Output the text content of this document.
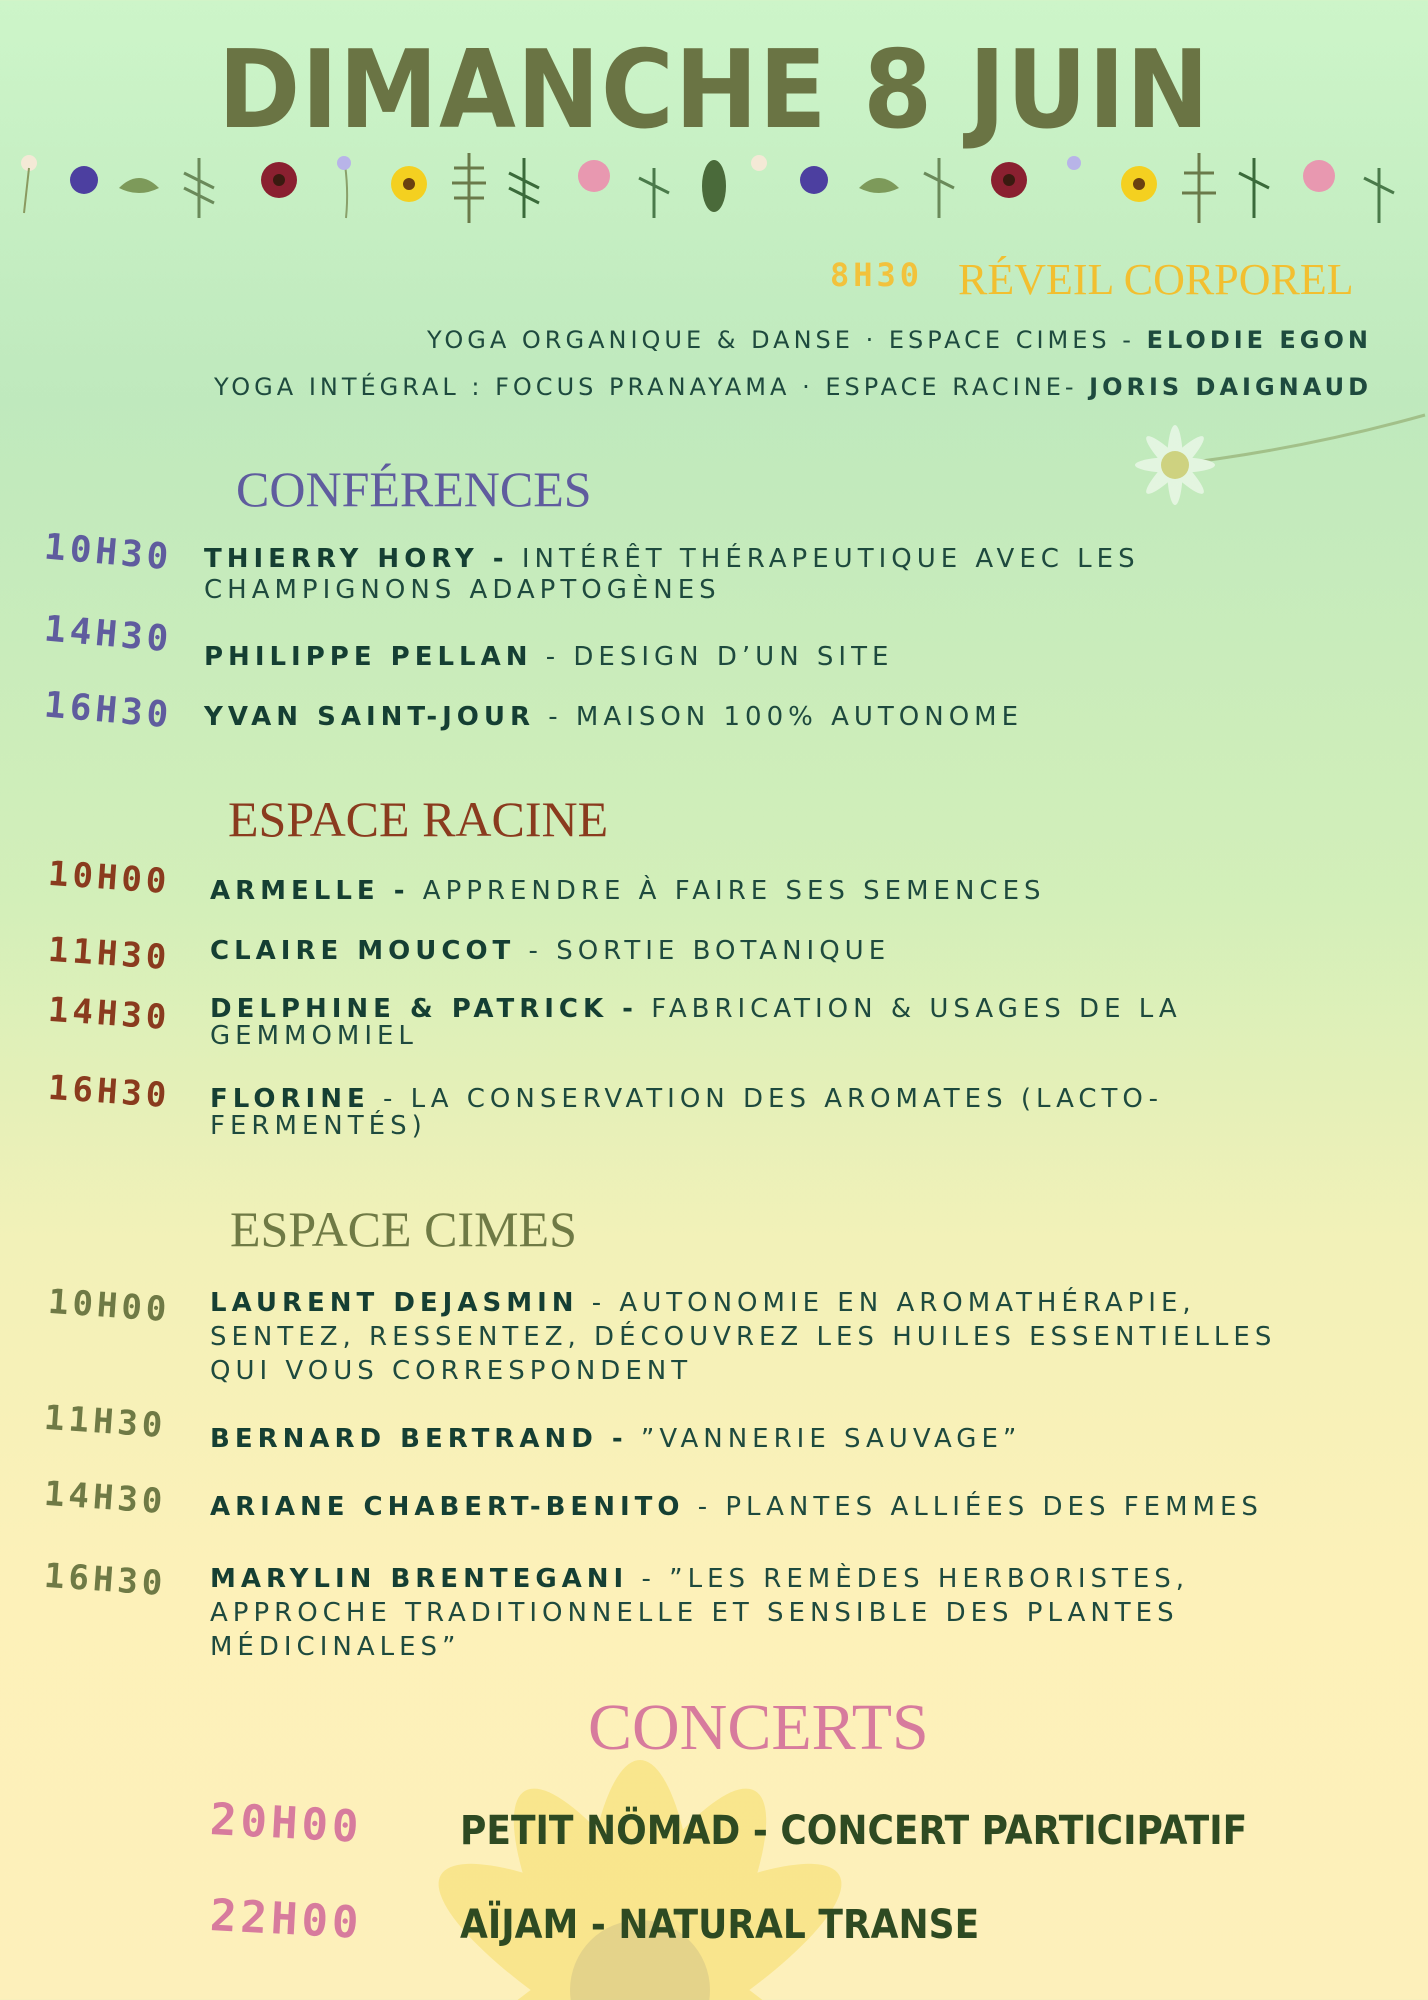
DIMANCHE 8 JUIN
8H30 RÉVEIL CORPOREL
YOGA ORGANIQUE & DANSE · ESPACE CIMES - ELODIE EGON
YOGA INTÉGRAL : FOCUS PRANAYAMA · ESPACE RACINE- JORIS DAIGNAUD
CONFÉRENCES
10H30 THIERRY HORY - INTÉRÊT THÉRAPEUTIQUE AVEC LES
CHAMPIGNONS ADAPTOGÈNES
14H30 PHILIPPE PELLAN - DESIGN D’UN SITE
16H30 YVAN SAINT-JOUR - MAISON 100% AUTONOME
ESPACE RACINE
10H00 ARMELLE - APPRENDRE À FAIRE SES SEMENCES
11H30 CLAIRE MOUCOT - SORTIE BOTANIQUE
14H30 DELPHINE & PATRICK - FABRICATION & USAGES DE LA
GEMMOMIEL
16H30 FLORINE - LA CONSERVATION DES AROMATES (LACTO-
FERMENTÉS)
ESPACE CIMES
10H00 LAURENT DEJASMIN - AUTONOMIE EN AROMATHÉRAPIE,
SENTEZ, RESSENTEZ, DÉCOUVREZ LES HUILES ESSENTIELLES
QUI VOUS CORRESPONDENT
11H30 BERNARD BERTRAND - ”VANNERIE SAUVAGE”
14H30 ARIANE CHABERT-BENITO - PLANTES ALLIÉES DES FEMMES
16H30 MARYLIN BRENTEGANI - ”LES REMÈDES HERBORISTES,
APPROCHE TRADITIONNELLE ET SENSIBLE DES PLANTES
MÉDICINALES”
CONCERTS
20H00 PETIT NÖMAD - CONCERT PARTICIPATIF
22H00 AÏJAM - NATURAL TRANSE
